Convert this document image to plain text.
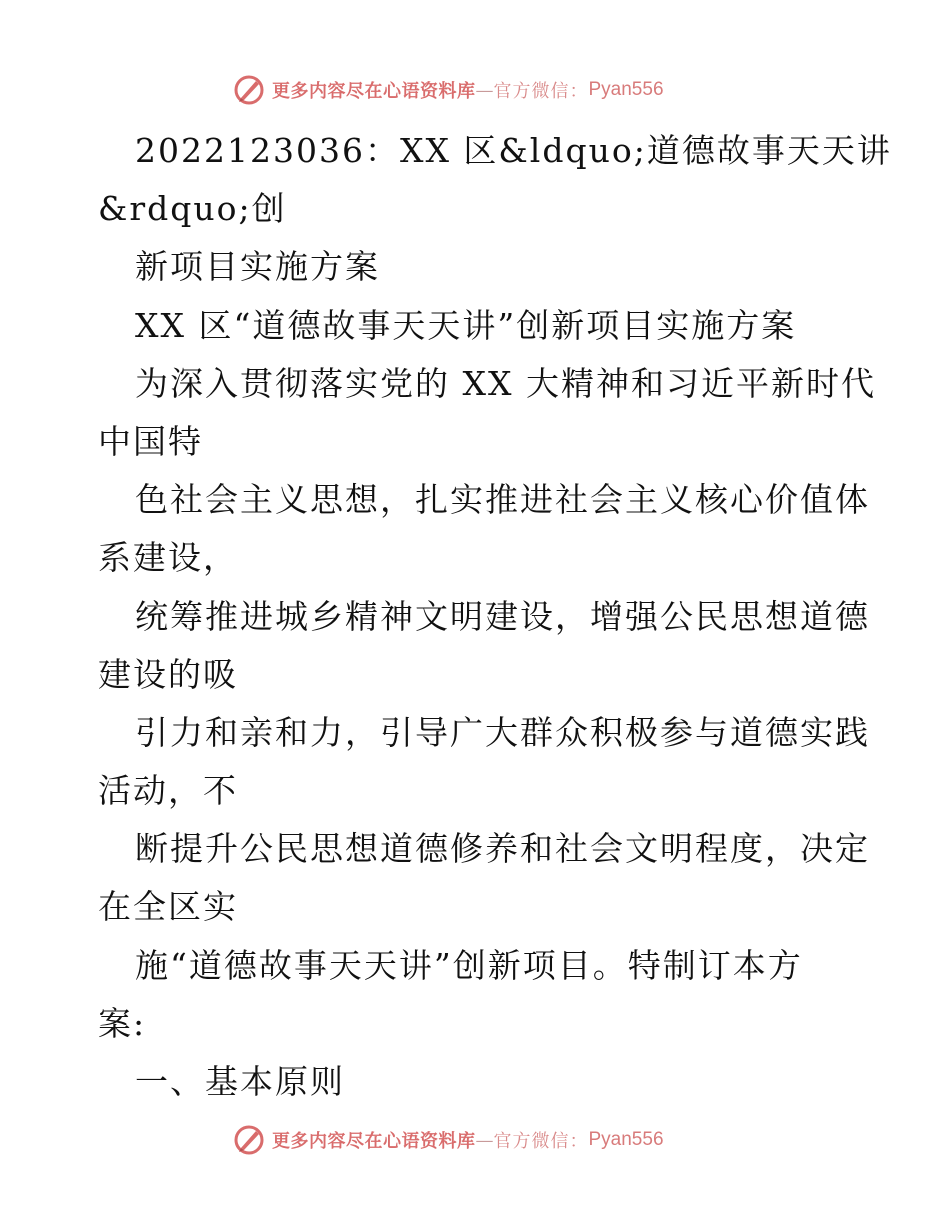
更多内容尽在心语资料库 — 官方微信： Pyan556
2022123036：XX 区&ldquo;道德故事天天讲
&rdquo;创
新项目实施方案
XX 区“道德故事天天讲”创新项目实施方案
为深入贯彻落实党的 XX 大精神和习近平新时代
中国特
色社会主义思想，扎实推进社会主义核心价值体
系建设，
统筹推进城乡精神文明建设，增强公民思想道德
建设的吸
引力和亲和力，引导广大群众积极参与道德实践
活动，不
断提升公民思想道德修养和社会文明程度，决定
在全区实
施“道德故事天天讲”创新项目。特制订本方
案:
一、基本原则
更多内容尽在心语资料库 — 官方微信： Pyan556
